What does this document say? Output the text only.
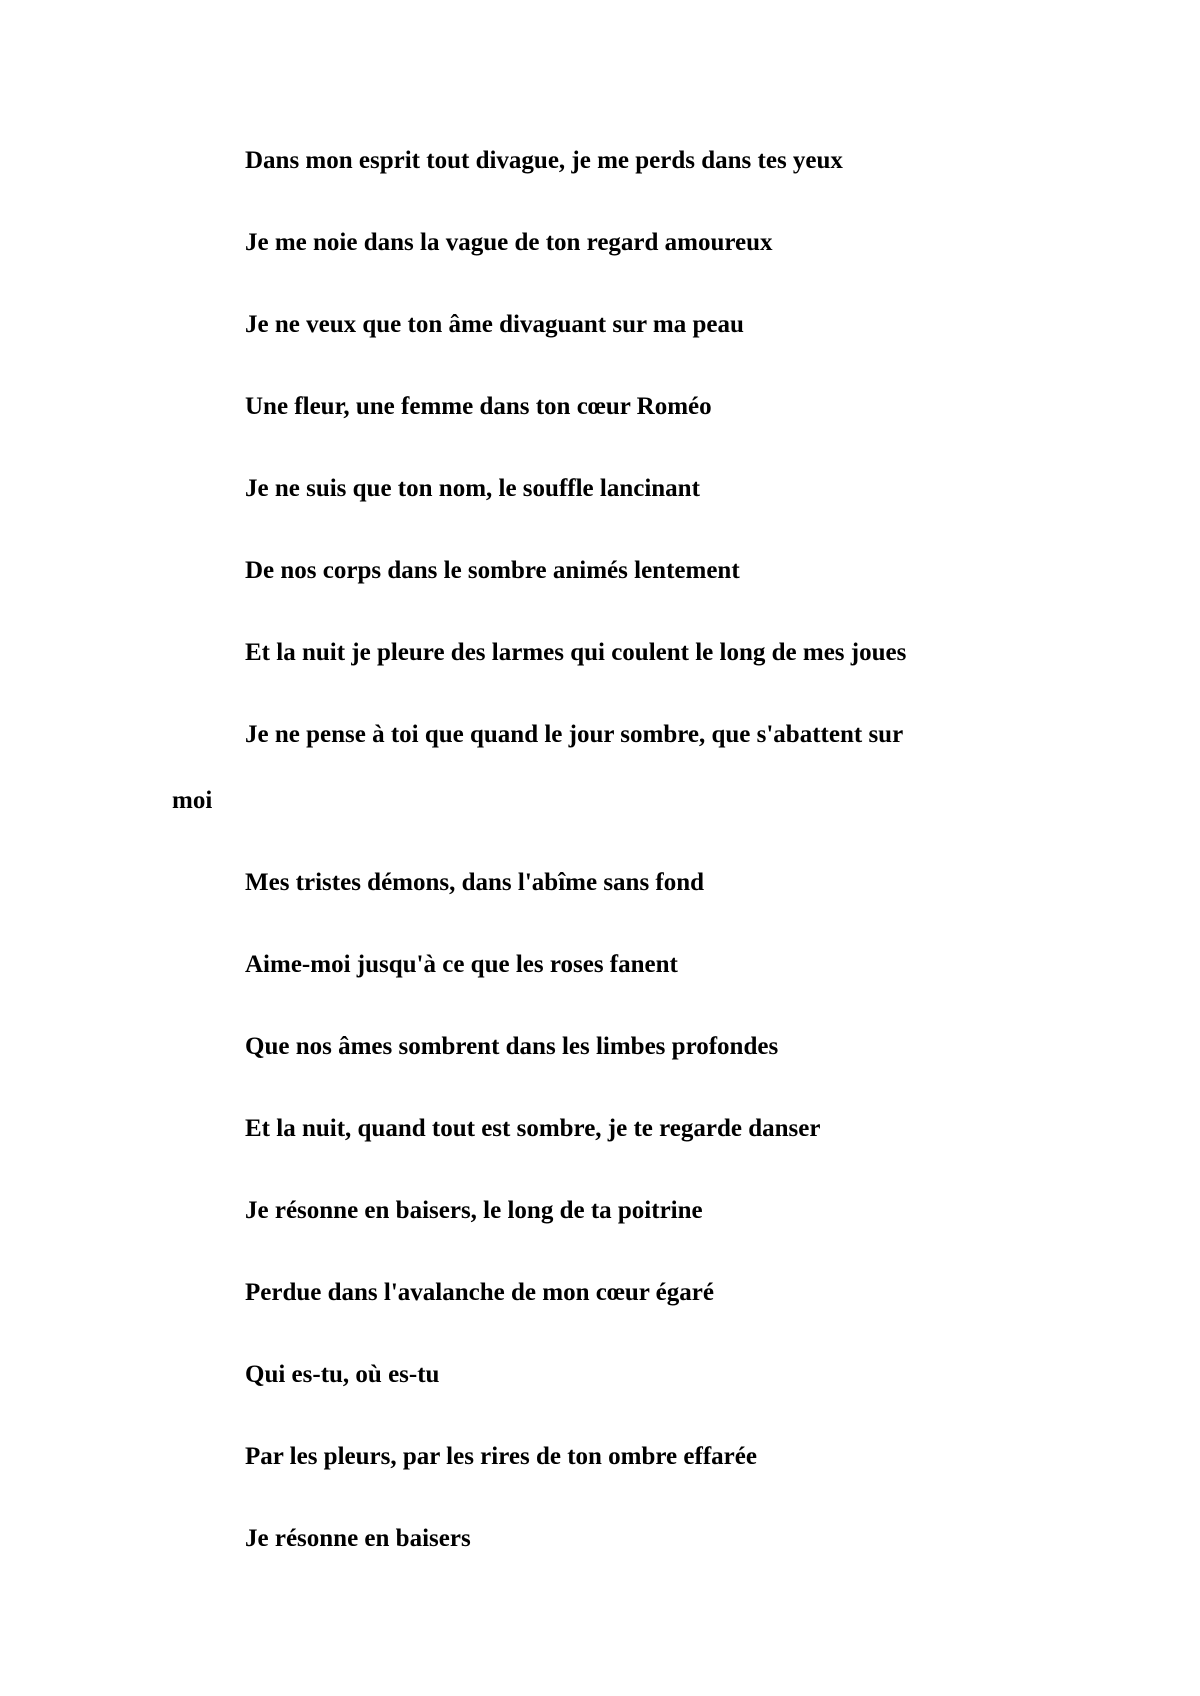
Dans mon esprit tout divague, je me perds dans tes yeux
Je me noie dans la vague de ton regard amoureux
Je ne veux que ton âme divaguant sur ma peau
Une fleur, une femme dans ton cœur Roméo
Je ne suis que ton nom, le souffle lancinant
De nos corps dans le sombre animés lentement
Et la nuit je pleure des larmes qui coulent le long de mes joues
Je ne pense à toi que quand le jour sombre, que s'abattent sur
moi
Mes tristes démons, dans l'abîme sans fond
Aime-moi jusqu'à ce que les roses fanent
Que nos âmes sombrent dans les limbes profondes
Et la nuit, quand tout est sombre, je te regarde danser
Je résonne en baisers, le long de ta poitrine
Perdue dans l'avalanche de mon cœur égaré
Qui es-tu, où es-tu
Par les pleurs, par les rires de ton ombre effarée
Je résonne en baisers
